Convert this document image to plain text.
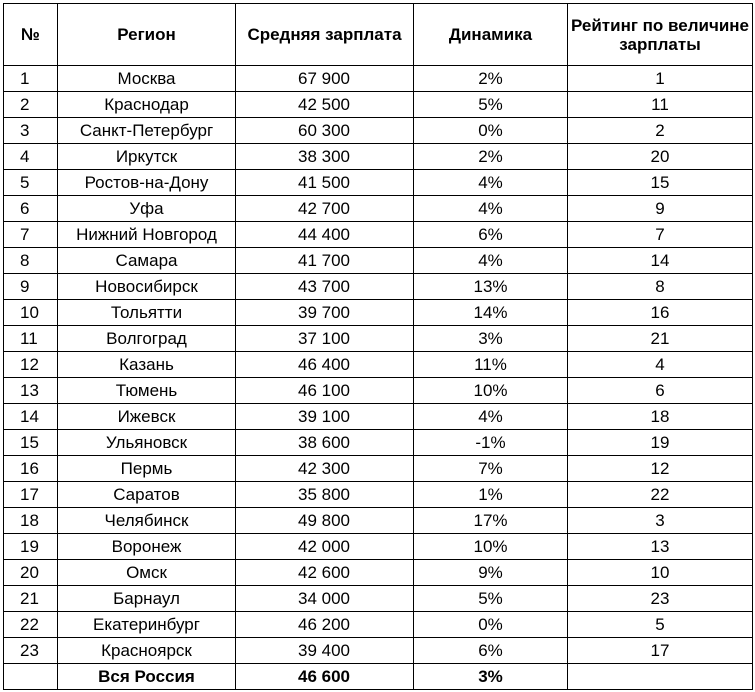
№	Регион	Средняя зарплата	Динамика	Рейтинг по величине зарплаты
1	Москва	67 900	2%	1
2	Краснодар	42 500	5%	11
3	Санкт-Петербург	60 300	0%	2
4	Иркутск	38 300	2%	20
5	Ростов-на-Дону	41 500	4%	15
6	Уфа	42 700	4%	9
7	Нижний Новгород	44 400	6%	7
8	Самара	41 700	4%	14
9	Новосибирск	43 700	13%	8
10	Тольятти	39 700	14%	16
11	Волгоград	37 100	3%	21
12	Казань	46 400	11%	4
13	Тюмень	46 100	10%	6
14	Ижевск	39 100	4%	18
15	Ульяновск	38 600	-1%	19
16	Пермь	42 300	7%	12
17	Саратов	35 800	1%	22
18	Челябинск	49 800	17%	3
19	Воронеж	42 000	10%	13
20	Омск	42 600	9%	10
21	Барнаул	34 000	5%	23
22	Екатеринбург	46 200	0%	5
23	Красноярск	39 400	6%	17
	Вся Россия	46 600	3%	
